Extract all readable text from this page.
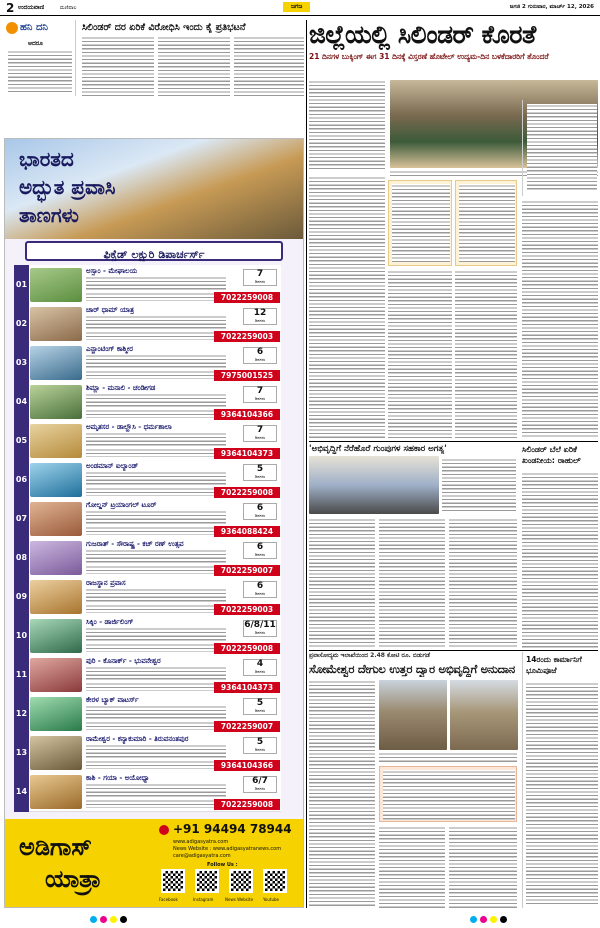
2 ಉದಯವಾಣಿ	ಮಣಿಪಾಲ	ಜಗಜ	ಜಗಜಿ 2 ಗುರುವಾರ, ಮಾರ್ಚ್ 12, 2026
ಹನಿ ದನಿ
ಆದರೂ
ಸಿಲಿಂಡರ್ ದರ ಏರಿಕೆ ವಿರೋಧಿಸಿ ಇಂದು ಕೈ ಪ್ರತಿಭಟನೆ	ಜಿಲ್ಲೆಯಲ್ಲಿ ಸಿಲಿಂಡರ್ ಕೊರತೆ
21 ದಿನಗಳ ಬುಕ್ಕಿಂಗ್ ಈಗ 31 ದಿನಕ್ಕೆ ವಿಸ್ತರಣೆ ಹೊಟೇಲ್ ಉದ್ಯಮ-ದಿನ ಬಳಕೆದಾರರಿಗೆ ತೊಂದರೆ
'ಅಭಿವೃದ್ಧಿಗೆ ನೆರೆಹೊರೆ ಗುಂಪುಗಳ ಸಹಕಾರ ಅಗತ್ಯ'	ಸಿಲಿಂಡರ್ ಬೆಲೆ ಏರಿಕೆ ಖಂಡನೀಯ: ರಾಹುಲ್
ಪ್ರವಾಸೋದ್ಯಮ ಇಲಾಖೆಯಿಂದ 2.48 ಕೋಟಿ ರೂ. ಬಿಡುಗಡೆ
ಸೋಮೇಶ್ವರ ದೇಗುಲ ಉತ್ತರ ದ್ವಾರ ಅಭಿವೃದ್ಧಿಗೆ ಅನುದಾನ
14ರಂದು ಕಾರ್ಮಾನಿಗೆ ಭೂಮಿಪೂಜೆ
ಭಾರತದ
ಅದ್ಭುತ ಪ್ರವಾಸಿ
ತಾಣಗಳು
ಫಿಕ್ಸೆಡ್ ಲಕ್ಷುರಿ ಡಿಪಾರ್ಚರ್ಸ್
01
ಅಸ್ಸಾಂ - ಮೇಘಾಲಯ	7
ದಿನಗಳು
7022259008
02
ಚಾರ್ ಧಾಮ್ ಯಾತ್ರ	12
ದಿನಗಳು
7022259003
03
ಎನ್ಚಾಂಟಿಂಗ್ ಕಾಶ್ಮೀರ	6
ದಿನಗಳು
7975001525
04
ಶಿಮ್ಲಾ - ಮನಾಲಿ - ಚಂಡೀಗಡ	7
ದಿನಗಳು
9364104366
05
ಅಮೃತಸರ - ಡಾಲ್ಹೌಸಿ - ಧರ್ಮಶಾಲಾ	7
ದಿನಗಳು
9364104373
06
ಅಂಡಮಾನ್ ಐಲ್ಯಾಂಡ್	5
ದಿನಗಳು
7022259008
07
ಗೋಲ್ಡನ್ ಟ್ರಯಾಂಗಲ್ ಟೂರ್	6
ದಿನಗಳು
9364088424
08
ಗುಜರಾತ್ - ಸೌರಾಷ್ಟ್ರ - ಕಚ್ ರಣ್ ಉತ್ಸವ	6
ದಿನಗಳು
7022259007
09
ರಾಜಸ್ಥಾನ ಪ್ರವಾಸ	6
ದಿನಗಳು
7022259003
10
ಸಿಕ್ಕಿಂ - ಡಾರ್ಜಿಲಿಂಗ್	6/8/11
ದಿನಗಳು
7022259008
11
ಪುರಿ - ಕೊನಾರ್ಕ್ - ಭುವನೇಶ್ವರ	4
ದಿನಗಳು
9364104373
12
ಕೇರಳ ಬ್ಯಾಕ್ ವಾಟರ್ಸ್	5
ದಿನಗಳು
7022259007
13
ರಾಮೇಶ್ವರ - ಕನ್ಯಾಕುಮಾರಿ - ತಿರುವನಂತಪುರ	5
ದಿನಗಳು
9364104366
14
ಕಾಶಿ - ಗಯಾ - ಅಯೋಧ್ಯಾ	6/7
ದಿನಗಳು
7022259008
+91 94494 78944
www.adigasyatra.com
News Website : www.adigasyatranews.com
care@adigasyatra.com
ಅಡಿಗಾಸ್
ಯಾತ್ರಾ	Follow Us :
Facebook	Instagram	News Website Youtube
